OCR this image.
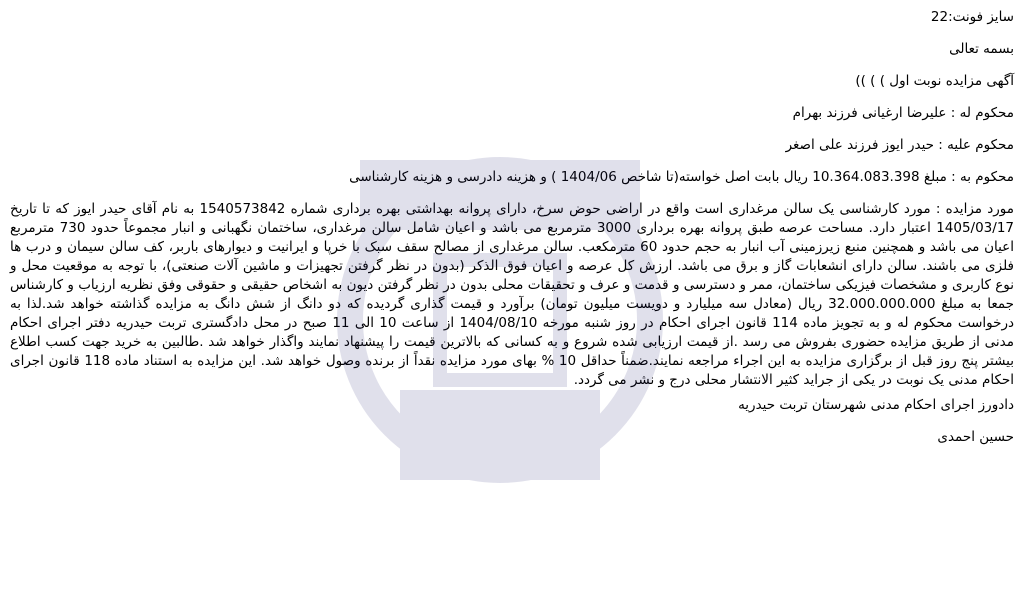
سایز فونت:22
بسمه تعالی
آگهی مزایده نوبت اول ) ) ))
محکوم له : علیرضا ارغیانی فرزند بهرام
محکوم علیه : حیدر ایوز فرزند علی اصغر
محکوم به : مبلغ 10.364.083.398 ریال بابت اصل خواسته(تا شاخص 1404/06 ) و هزینه دادرسی و هزینه کارشناسی
مورد مزایده : مورد کارشناسی یک سالن مرغداری است واقع در اراضی حوض سرخ، دارای پروانه بهداشتی بهره برداری شماره 1540573842 به نام آقای حیدر ایوز که تا تاریخ 1405/03/17 اعتبار دارد. مساحت عرصه طبق پروانه بهره برداری 3000 مترمربع می باشد و اعیان شامل سالن مرغداری، ساختمان نگهبانی و انبار مجموعاً حدود 730 مترمربع اعیان می باشد و همچنین منبع زیرزمینی آب انبار به حجم حدود 60 مترمکعب. سالن مرغداری از مصالح سقف سبک با خرپا و ایرانیت و دیوارهای باربر، کف سالن سیمان و درب ها فلزی می باشند. سالن دارای انشعابات گاز و برق می باشد. ارزش کل عرصه و اعیان فوق الذکر (بدون در نظر گرفتن تجهیزات و ماشین آلات صنعتی)، با توجه به موقعیت محل و نوع کاربری و مشخصات فیزیکی ساختمان، ممر و دسترسی و قدمت و عرف و تحقیقات محلی بدون در نظر گرفتن دیون به اشخاص حقیقی و حقوقی وفق نظریه ارزیاب و کارشناس جمعا به مبلغ 32.000.000.000 ریال (معادل سه میلیارد و دویست میلیون تومان) برآورد و قیمت گذاری گردیده که دو دانگ از شش دانگ به مزایده گذاشته خواهد شد.لذا به درخواست محکوم له و به تجویز ماده 114 قانون اجرای احکام در روز شنبه مورخه 1404/08/10 از ساعت 10 الی 11 صبح در محل دادگستری تربت حیدریه دفتر اجرای احکام مدنی از طریق مزایده حضوری بفروش می رسد .از قیمت ارزیابی شده شروع و به کسانی که بالاترین قیمت را پیشنهاد نمایند واگذار خواهد شد .طالبین به خرید جهت کسب اطلاع بیشتر پنج روز قبل از برگزاری مزایده به این اجراء مراجعه نمایند.ضمناً حداقل 10 % بهای مورد مزایده نقداً از برنده وصول خواهد شد. این مزایده به استناد ماده 118 قانون اجرای احکام مدنی یک نوبت در یکی از جراید کثیر الانتشار محلی درج و نشر می گردد.
دادورز اجرای احکام مدنی شهرستان تربت حیدریه
حسین احمدی
